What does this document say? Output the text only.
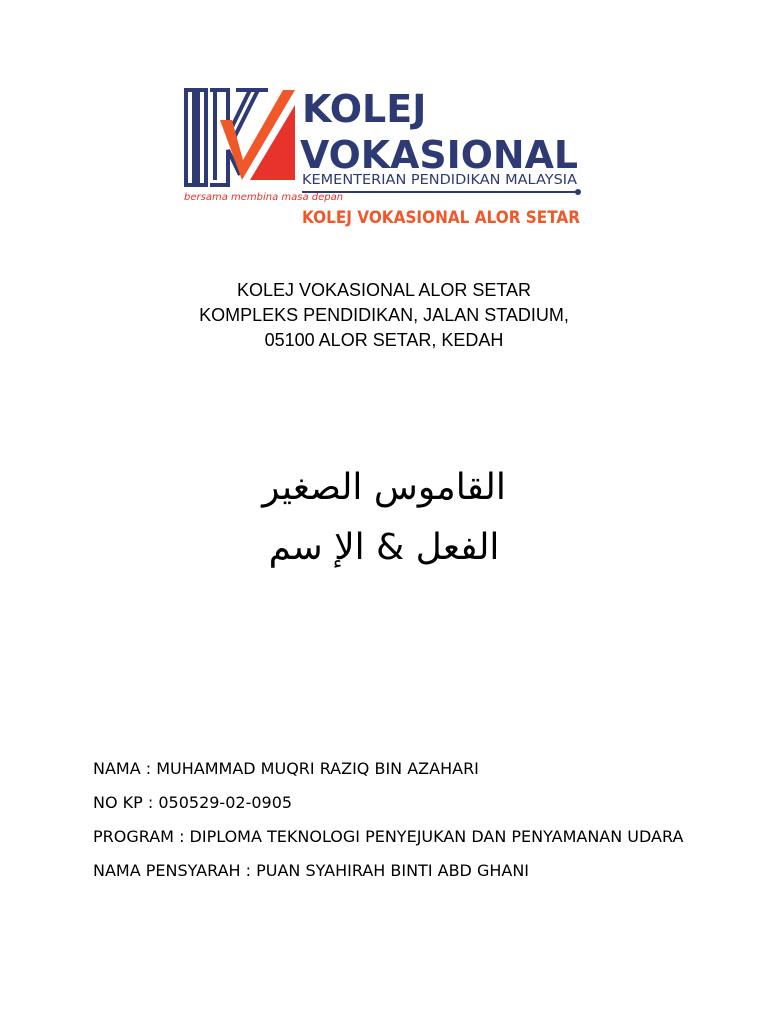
bersama membina masa depan
KOLEJ
VOKASIONAL
KEMENTERIAN PENDIDIKAN MALAYSIA
KOLEJ VOKASIONAL ALOR SETAR
KOLEJ VOKASIONAL ALOR SETAR
KOMPLEKS PENDIDIKAN, JALAN STADIUM,
05100 ALOR SETAR, KEDAH
القاموس الصغير
الفعل & الإ سم
NAMA : MUHAMMAD MUQRI RAZIQ BIN AZAHARI
NO KP : 050529-02-0905
PROGRAM : DIPLOMA TEKNOLOGI PENYEJUKAN DAN PENYAMANAN UDARA
NAMA PENSYARAH : PUAN SYAHIRAH BINTI ABD GHANI
